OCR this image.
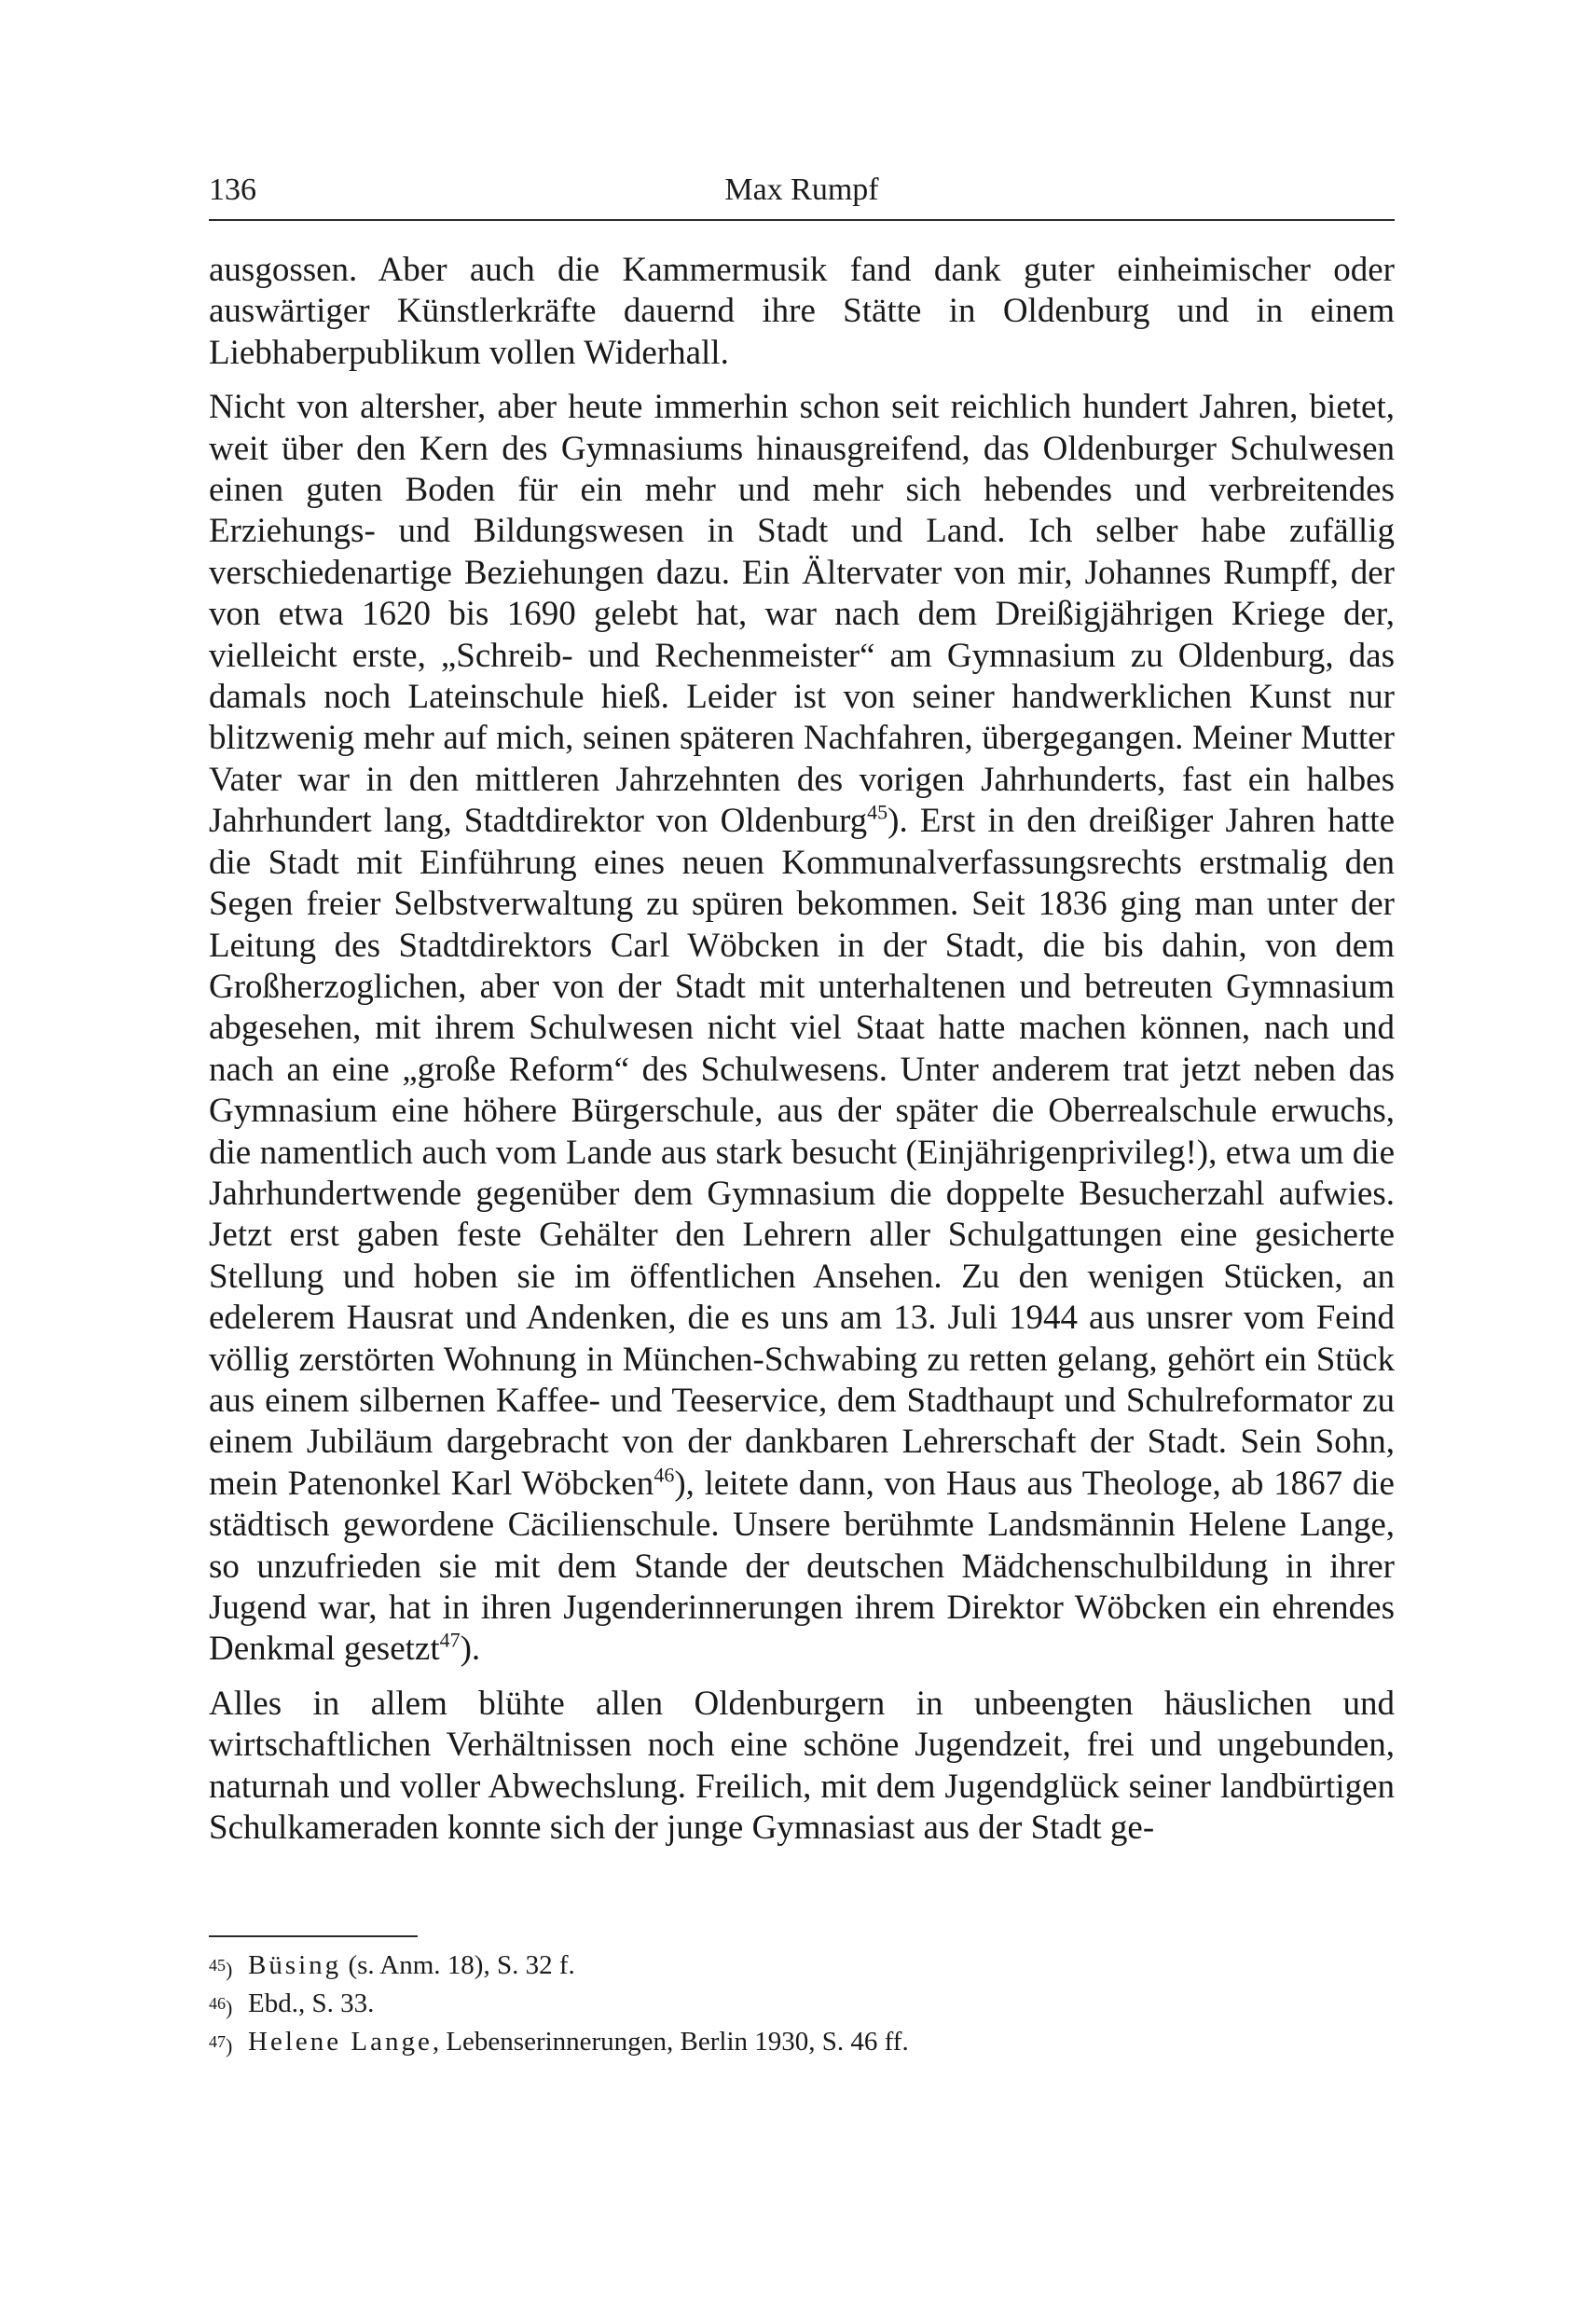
136	Max Rumpf

ausgossen. Aber auch die Kammermusik fand dank guter einheimischer oder auswärtiger Künstlerkräfte dauernd ihre Stätte in Oldenburg und in einem Liebhaberpublikum vollen Widerhall.

Nicht von altersher, aber heute immerhin schon seit reichlich hundert Jahren, bietet, weit über den Kern des Gymnasiums hinausgreifend, das Oldenburger Schulwesen einen guten Boden für ein mehr und mehr sich hebendes und verbreitendes Erziehungs- und Bildungswesen in Stadt und Land. Ich selber habe zufällig verschiedenartige Beziehungen dazu. Ein Ältervater von mir, Johannes Rumpff, der von etwa 1620 bis 1690 gelebt hat, war nach dem Dreißigjährigen Kriege der, vielleicht erste, „Schreib- und Rechenmeister“ am Gymnasium zu Oldenburg, das damals noch Lateinschule hieß. Leider ist von seiner handwerklichen Kunst nur blitzwenig mehr auf mich, seinen späteren Nachfahren, übergegangen. Meiner Mutter Vater war in den mittleren Jahrzehnten des vorigen Jahrhunderts, fast ein halbes Jahrhundert lang, Stadtdirektor von Oldenburg$^{45}$). Erst in den dreißiger Jahren hatte die Stadt mit Einführung eines neuen Kommunalverfassungsrechts erstmalig den Segen freier Selbstverwaltung zu spüren bekommen. Seit 1836 ging man unter der Leitung des Stadtdirektors Carl Wöbcken in der Stadt, die bis dahin, von dem Großherzoglichen, aber von der Stadt mit unterhaltenen und betreuten Gymnasium abgesehen, mit ihrem Schulwesen nicht viel Staat hatte machen können, nach und nach an eine „große Reform“ des Schulwesens. Unter anderem trat jetzt neben das Gymnasium eine höhere Bürgerschule, aus der später die Oberrealschule erwuchs, die namentlich auch vom Lande aus stark besucht (Einjährigenprivileg!), etwa um die Jahrhundertwende gegenüber dem Gymnasium die doppelte Besucherzahl aufwies. Jetzt erst gaben feste Gehälter den Lehrern aller Schulgattungen eine gesicherte Stellung und hoben sie im öffentlichen Ansehen. Zu den wenigen Stücken, an edelerem Hausrat und Andenken, die es uns am 13. Juli 1944 aus unsrer vom Feind völlig zerstörten Wohnung in München-Schwabing zu retten gelang, gehört ein Stück aus einem silbernen Kaffee- und Teeservice, dem Stadthaupt und Schulreformator zu einem Jubiläum dargebracht von der dankbaren Lehrerschaft der Stadt. Sein Sohn, mein Patenonkel Karl Wöbcken$^{46}$), leitete dann, von Haus aus Theologe, ab 1867 die städtisch gewordene Cäcilienschule. Unsere berühmte Landsmännin Helene Lange, so unzufrieden sie mit dem Stande der deutschen Mädchenschulbildung in ihrer Jugend war, hat in ihren Jugenderinnerungen ihrem Direktor Wöbcken ein ehrendes Denkmal gesetzt$^{47}$).

Alles in allem blühte allen Oldenburgern in unbeengten häuslichen und wirtschaftlichen Verhältnissen noch eine schöne Jugendzeit, frei und ungebunden, naturnah und voller Abwechslung. Freilich, mit dem Jugendglück seiner landbürtigen Schulkameraden konnte sich der junge Gymnasiast aus der Stadt ge-

$^{45}$) Büsing (s. Anm. 18), S. 32 f.
$^{46}$) Ebd., S. 33.
$^{47}$) Helene Lange, Lebenserinnerungen, Berlin 1930, S. 46 ff.
